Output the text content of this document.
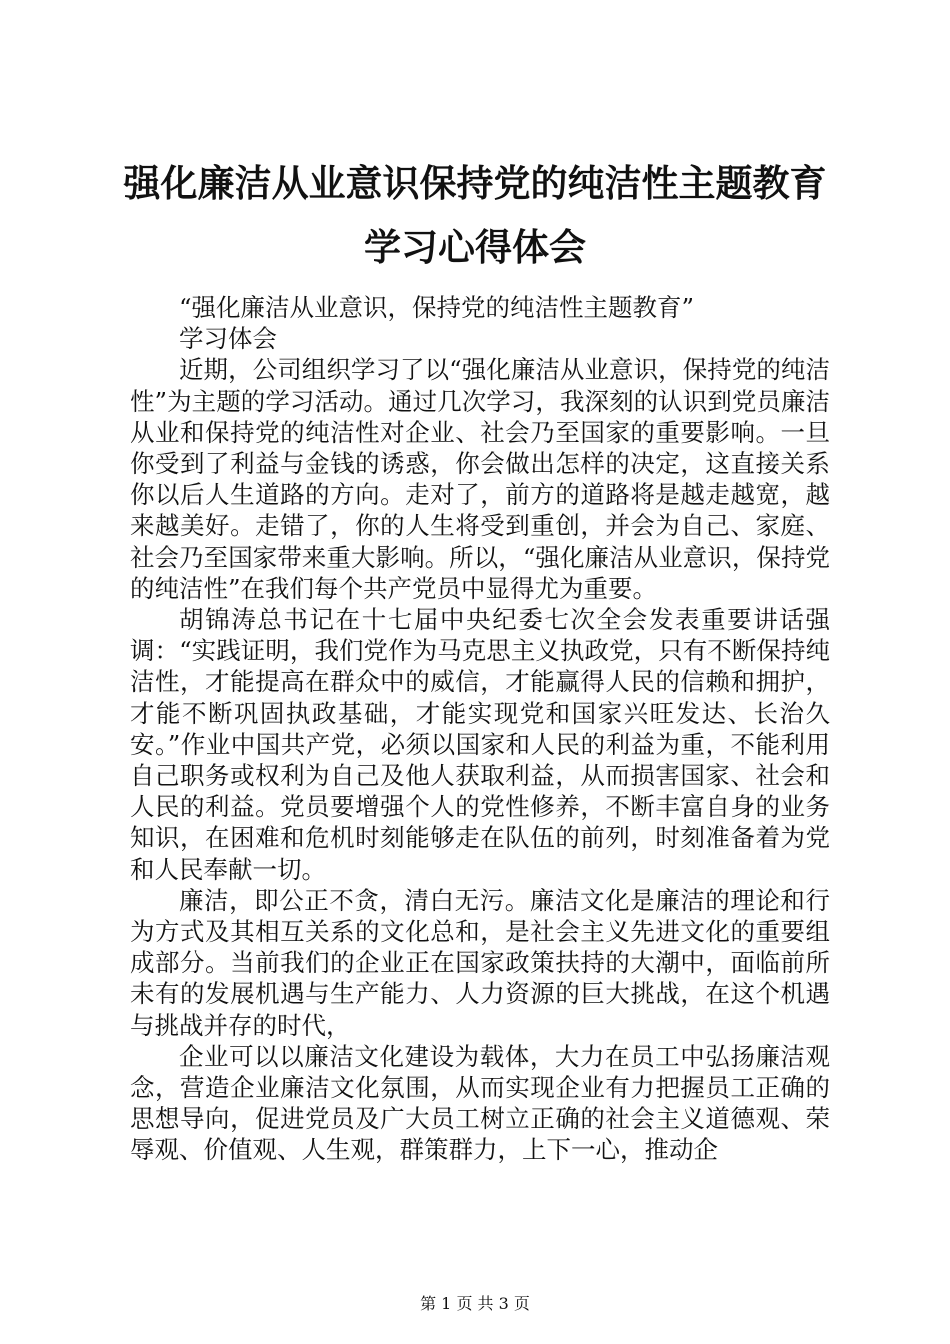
强化廉洁从业意识保持党的纯洁性主题教育学习心得体会

“强化廉洁从业意识，保持党的纯洁性主题教育”

学习体会

近期，公司组织学习了以“强化廉洁从业意识，保持党的纯洁性”为主题的学习活动。通过几次学习，我深刻的认识到党员廉洁从业和保持党的纯洁性对企业、社会乃至国家的重要影响。一旦你受到了利益与金钱的诱惑，你会做出怎样的决定，这直接关系你以后人生道路的方向。走对了，前方的道路将是越走越宽，越来越美好。走错了，你的人生将受到重创，并会为自己、家庭、社会乃至国家带来重大影响。所以，“强化廉洁从业意识，保持党的纯洁性”在我们每个共产党员中显得尤为重要。

胡锦涛总书记在十七届中央纪委七次全会发表重要讲话强调：“实践证明，我们党作为马克思主义执政党，只有不断保持纯洁性，才能提高在群众中的威信，才能赢得人民的信赖和拥护，才能不断巩固执政基础，才能实现党和国家兴旺发达、长治久安。”作业中国共产党，必须以国家和人民的利益为重，不能利用自己职务或权利为自己及他人获取利益，从而损害国家、社会和人民的利益。党员要增强个人的党性修养，不断丰富自身的业务知识，在困难和危机时刻能够走在队伍的前列，时刻准备着为党和人民奉献一切。

廉洁，即公正不贪，清白无污。廉洁文化是廉洁的理论和行为方式及其相互关系的文化总和，是社会主义先进文化的重要组成部分。当前我们的企业正在国家政策扶持的大潮中，面临前所未有的发展机遇与生产能力、人力资源的巨大挑战，在这个机遇与挑战并存的时代，

企业可以以廉洁文化建设为载体，大力在员工中弘扬廉洁观念，营造企业廉洁文化氛围，从而实现企业有力把握员工正确的思想导向，促进党员及广大员工树立正确的社会主义道德观、荣辱观、价值观、人生观，群策群力，上下一心，推动企

第 1 页 共 3 页
